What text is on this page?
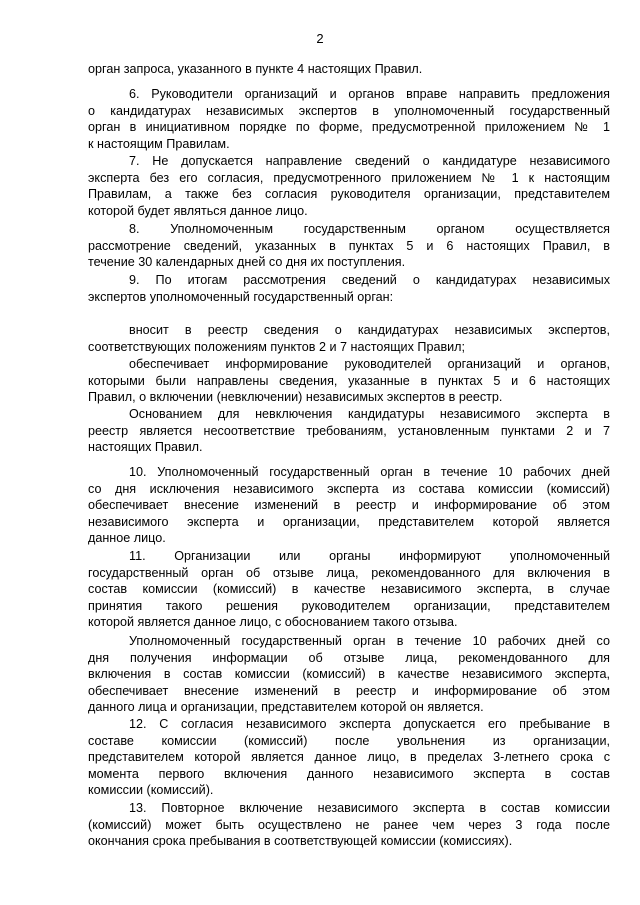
2
орган запроса, указанного в пункте 4 настоящих Правил.
6. Руководители организаций и органов вправе направить предложения
о кандидатурах независимых экспертов в уполномоченный государственный
орган в инициативном порядке по форме, предусмотренной приложением № 1
к настоящим Правилам.
7. Не допускается направление сведений о кандидатуре независимого
эксперта без его согласия, предусмотренного приложением № 1 к настоящим
Правилам, а также без согласия руководителя организации, представителем
которой будет являться данное лицо.
8. Уполномоченным государственным органом осуществляется
рассмотрение сведений, указанных в пунктах 5 и 6 настоящих Правил, в
течение 30 календарных дней со дня их поступления.
9. По итогам рассмотрения сведений о кандидатурах независимых
экспертов уполномоченный государственный орган:
вносит в реестр сведения о кандидатурах независимых экспертов,
соответствующих положениям пунктов 2 и 7 настоящих Правил;
обеспечивает информирование руководителей организаций и органов,
которыми были направлены сведения, указанные в пунктах 5 и 6 настоящих
Правил, о включении (невключении) независимых экспертов в реестр.
Основанием для невключения кандидатуры независимого эксперта в
реестр является несоответствие требованиям, установленным пунктами 2 и 7
настоящих Правил.
10. Уполномоченный государственный орган в течение 10 рабочих дней
со дня исключения независимого эксперта из состава комиссии (комиссий)
обеспечивает внесение изменений в реестр и информирование об этом
независимого эксперта и организации, представителем которой является
данное лицо.
11. Организации или органы информируют уполномоченный
государственный орган об отзыве лица, рекомендованного для включения в
состав комиссии (комиссий) в качестве независимого эксперта, в случае
принятия такого решения руководителем организации, представителем
которой является данное лицо, с обоснованием такого отзыва.
Уполномоченный государственный орган в течение 10 рабочих дней со
дня получения информации об отзыве лица, рекомендованного для
включения в состав комиссии (комиссий) в качестве независимого эксперта,
обеспечивает внесение изменений в реестр и информирование об этом
данного лица и организации, представителем которой он является.
12. С согласия независимого эксперта допускается его пребывание в
составе комиссии (комиссий) после увольнения из организации,
представителем которой является данное лицо, в пределах 3-летнего срока с
момента первого включения данного независимого эксперта в состав
комиссии (комиссий).
13. Повторное включение независимого эксперта в состав комиссии
(комиссий) может быть осуществлено не ранее чем через 3 года после
окончания срока пребывания в соответствующей комиссии (комиссиях).
